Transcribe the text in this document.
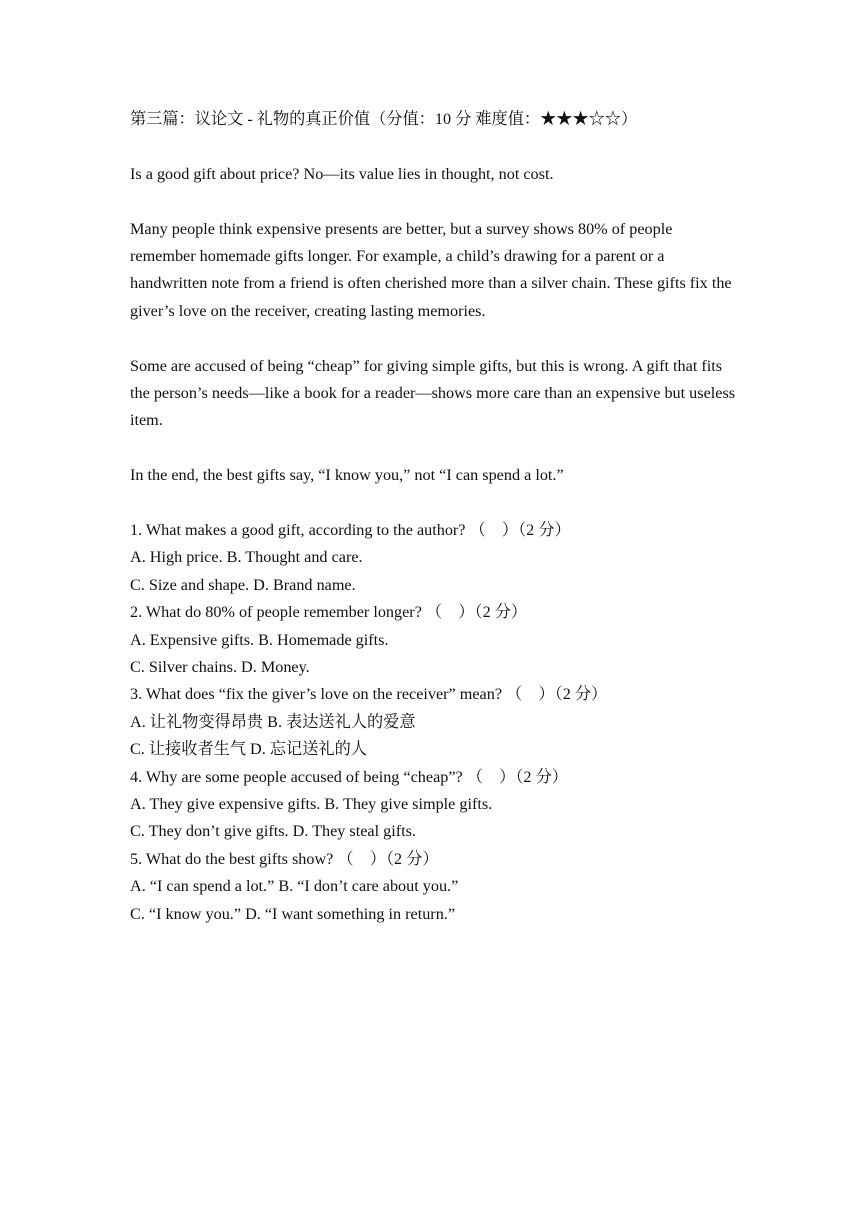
第三篇：议论文 - 礼物的真正价值（分值：10 分 难度值：★★★☆☆）

Is a good gift about price? No—its value lies in thought, not cost.

Many people think expensive presents are better, but a survey shows 80% of people remember homemade gifts longer. For example, a child’s drawing for a parent or a handwritten note from a friend is often cherished more than a silver chain. These gifts fix the giver’s love on the receiver, creating lasting memories.

Some are accused of being “cheap” for giving simple gifts, but this is wrong. A gift that fits the person’s needs—like a book for a reader—shows more care than an expensive but useless item.

In the end, the best gifts say, “I know you,” not “I can spend a lot.”

1. What makes a good gift, according to the author? （　）（2 分）

A. High price. B. Thought and care.

C. Size and shape. D. Brand name.

2. What do 80% of people remember longer? （　）（2 分）

A. Expensive gifts. B. Homemade gifts.

C. Silver chains. D. Money.

3. What does “fix the giver’s love on the receiver” mean? （　）（2 分）

A. 让礼物变得昂贵 B. 表达送礼人的爱意

C. 让接收者生气 D. 忘记送礼的人

4. Why are some people accused of being “cheap”? （　）（2 分）

A. They give expensive gifts. B. They give simple gifts.

C. They don’t give gifts. D. They steal gifts.

5. What do the best gifts show? （　）（2 分）

A. “I can spend a lot.” B. “I don’t care about you.”

C. “I know you.” D. “I want something in return.”
